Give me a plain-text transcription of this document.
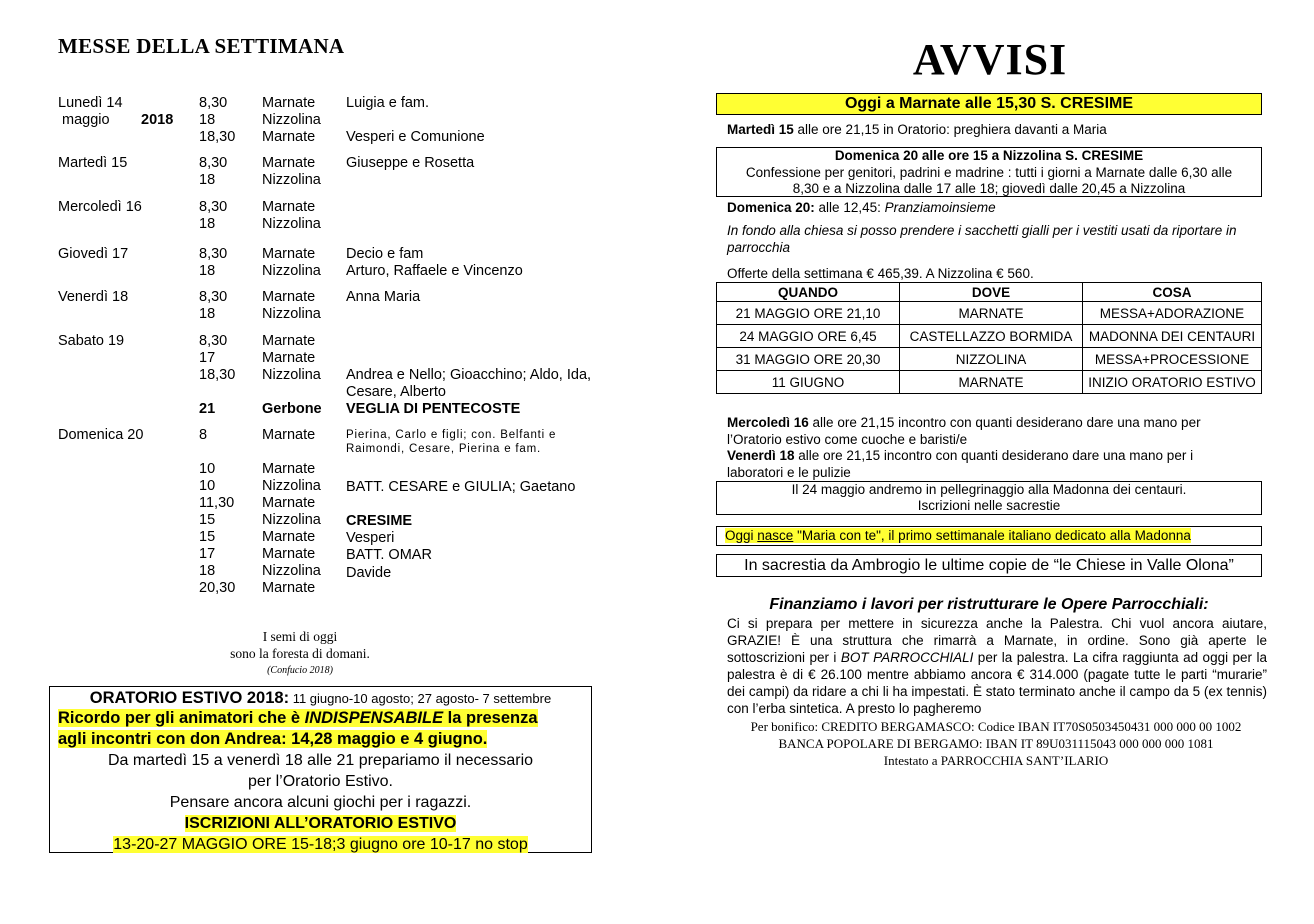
MESSE DELLA SETTIMANA
Lunedì 14	8,30 Marnate Luigia e fam.
maggio 2018 18	Nizzolina
18,30 Marnate Vesperi e Comunione
Martedì 15	8,30 Marnate Giuseppe e Rosetta
18	Nizzolina
Mercoledì 16	8,30 Marnate
18	Nizzolina
Giovedì 17	8,30 Marnate Decio e fam
18	Nizzolina Arturo, Raffaele e Vincenzo
Venerdì 18	8,30 Marnate Anna Maria
18	Nizzolina
Sabato 19	8,30 Marnate
17	Marnate
18,30 Nizzolina Andrea e Nello; Gioacchino; Aldo, Ida, Cesare, Alberto
21	Gerbone VEGLIA DI PENTECOSTE
Domenica 20	8	Marnate	Pierina, Carlo e figli; con. Belfanti e Raimondi, Cesare, Pierina e fam.
10	Marnate
10	Nizzolina BATT. CESARE e GIULIA; Gaetano
11,30 Marnate
15	Nizzolina CRESIME
15	Marnate Vesperi
17	Marnate BATT. OMAR
18	Nizzolina Davide
20,30 Marnate
I semi di oggi
sono la foresta di domani.
(Confucio 2018)
ORATORIO ESTIVO 2018: 11 giugno-10 agosto; 27 agosto- 7 settembre
Ricordo per gli animatori che è INDISPENSABILE la presenza
agli incontri con don Andrea: 14,28 maggio e 4 giugno.
Da martedì 15 a venerdì 18 alle 21 prepariamo il necessario
per l’Oratorio Estivo.
Pensare ancora alcuni giochi per i ragazzi.
ISCRIZIONI ALL’ORATORIO ESTIVO
13-20-27 MAGGIO ORE 15-18;3 giugno ore 10-17 no stop
AVVISI
Oggi a Marnate alle 15,30 S. CRESIME
Martedì 15 alle ore 21,15 in Oratorio: preghiera davanti a Maria
Domenica 20 alle ore 15 a Nizzolina S. CRESIME
Confessione per genitori, padrini e madrine : tutti i giorni a Marnate dalle 6,30 alle
8,30 e a Nizzolina dalle 17 alle 18; giovedì dalle 20,45 a Nizzolina
Domenica 20: alle 12,45: Pranziamoinsieme
In fondo alla chiesa si posso prendere i sacchetti gialli per i vestiti usati da riportare in parrocchia
Offerte della settimana € 465,39. A Nizzolina € 560.
QUANDO	DOVE	COSA
21 MAGGIO ORE 21,10	MARNATE	MESSA+ADORAZIONE
24 MAGGIO ORE 6,45	CASTELLAZZO BORMIDA	MADONNA DEI CENTAURI
31 MAGGIO ORE 20,30	NIZZOLINA	MESSA+PROCESSIONE
11 GIUGNO	MARNATE	INIZIO ORATORIO ESTIVO
Mercoledì 16 alle ore 21,15 incontro con quanti desiderano dare una mano per
l’Oratorio estivo come cuoche e baristi/e
Venerdì 18 alle ore 21,15 incontro con quanti desiderano dare una mano per i
laboratori e le pulizie
Il 24 maggio andremo in pellegrinaggio alla Madonna dei centauri.
Iscrizioni nelle sacrestie
Oggi nasce "Maria con te", il primo settimanale italiano dedicato alla Madonna
In sacrestia da Ambrogio le ultime copie de “le Chiese in Valle Olona”
Finanziamo i lavori per ristrutturare le Opere Parrocchiali:
Ci si prepara per mettere in sicurezza anche la Palestra. Chi vuol ancora aiutare, GRAZIE! È una struttura che rimarrà a Marnate, in ordine. Sono già aperte le sottoscrizioni per i BOT PARROCCHIALI per la palestra. La cifra raggiunta ad oggi per la palestra è di € 26.100 mentre abbiamo ancora € 314.000 (pagate tutte le parti “murarie” dei campi) da ridare a chi li ha impestati. È stato terminato anche il campo da 5 (ex tennis) con l’erba sintetica. A presto lo pagheremo
Per bonifico: CREDITO BERGAMASCO: Codice IBAN IT70S0503450431 000 000 00 1002
BANCA POPOLARE DI BERGAMO: IBAN IT 89U031115043 000 000 000 1081
Intestato a PARROCCHIA SANT’ILARIO
